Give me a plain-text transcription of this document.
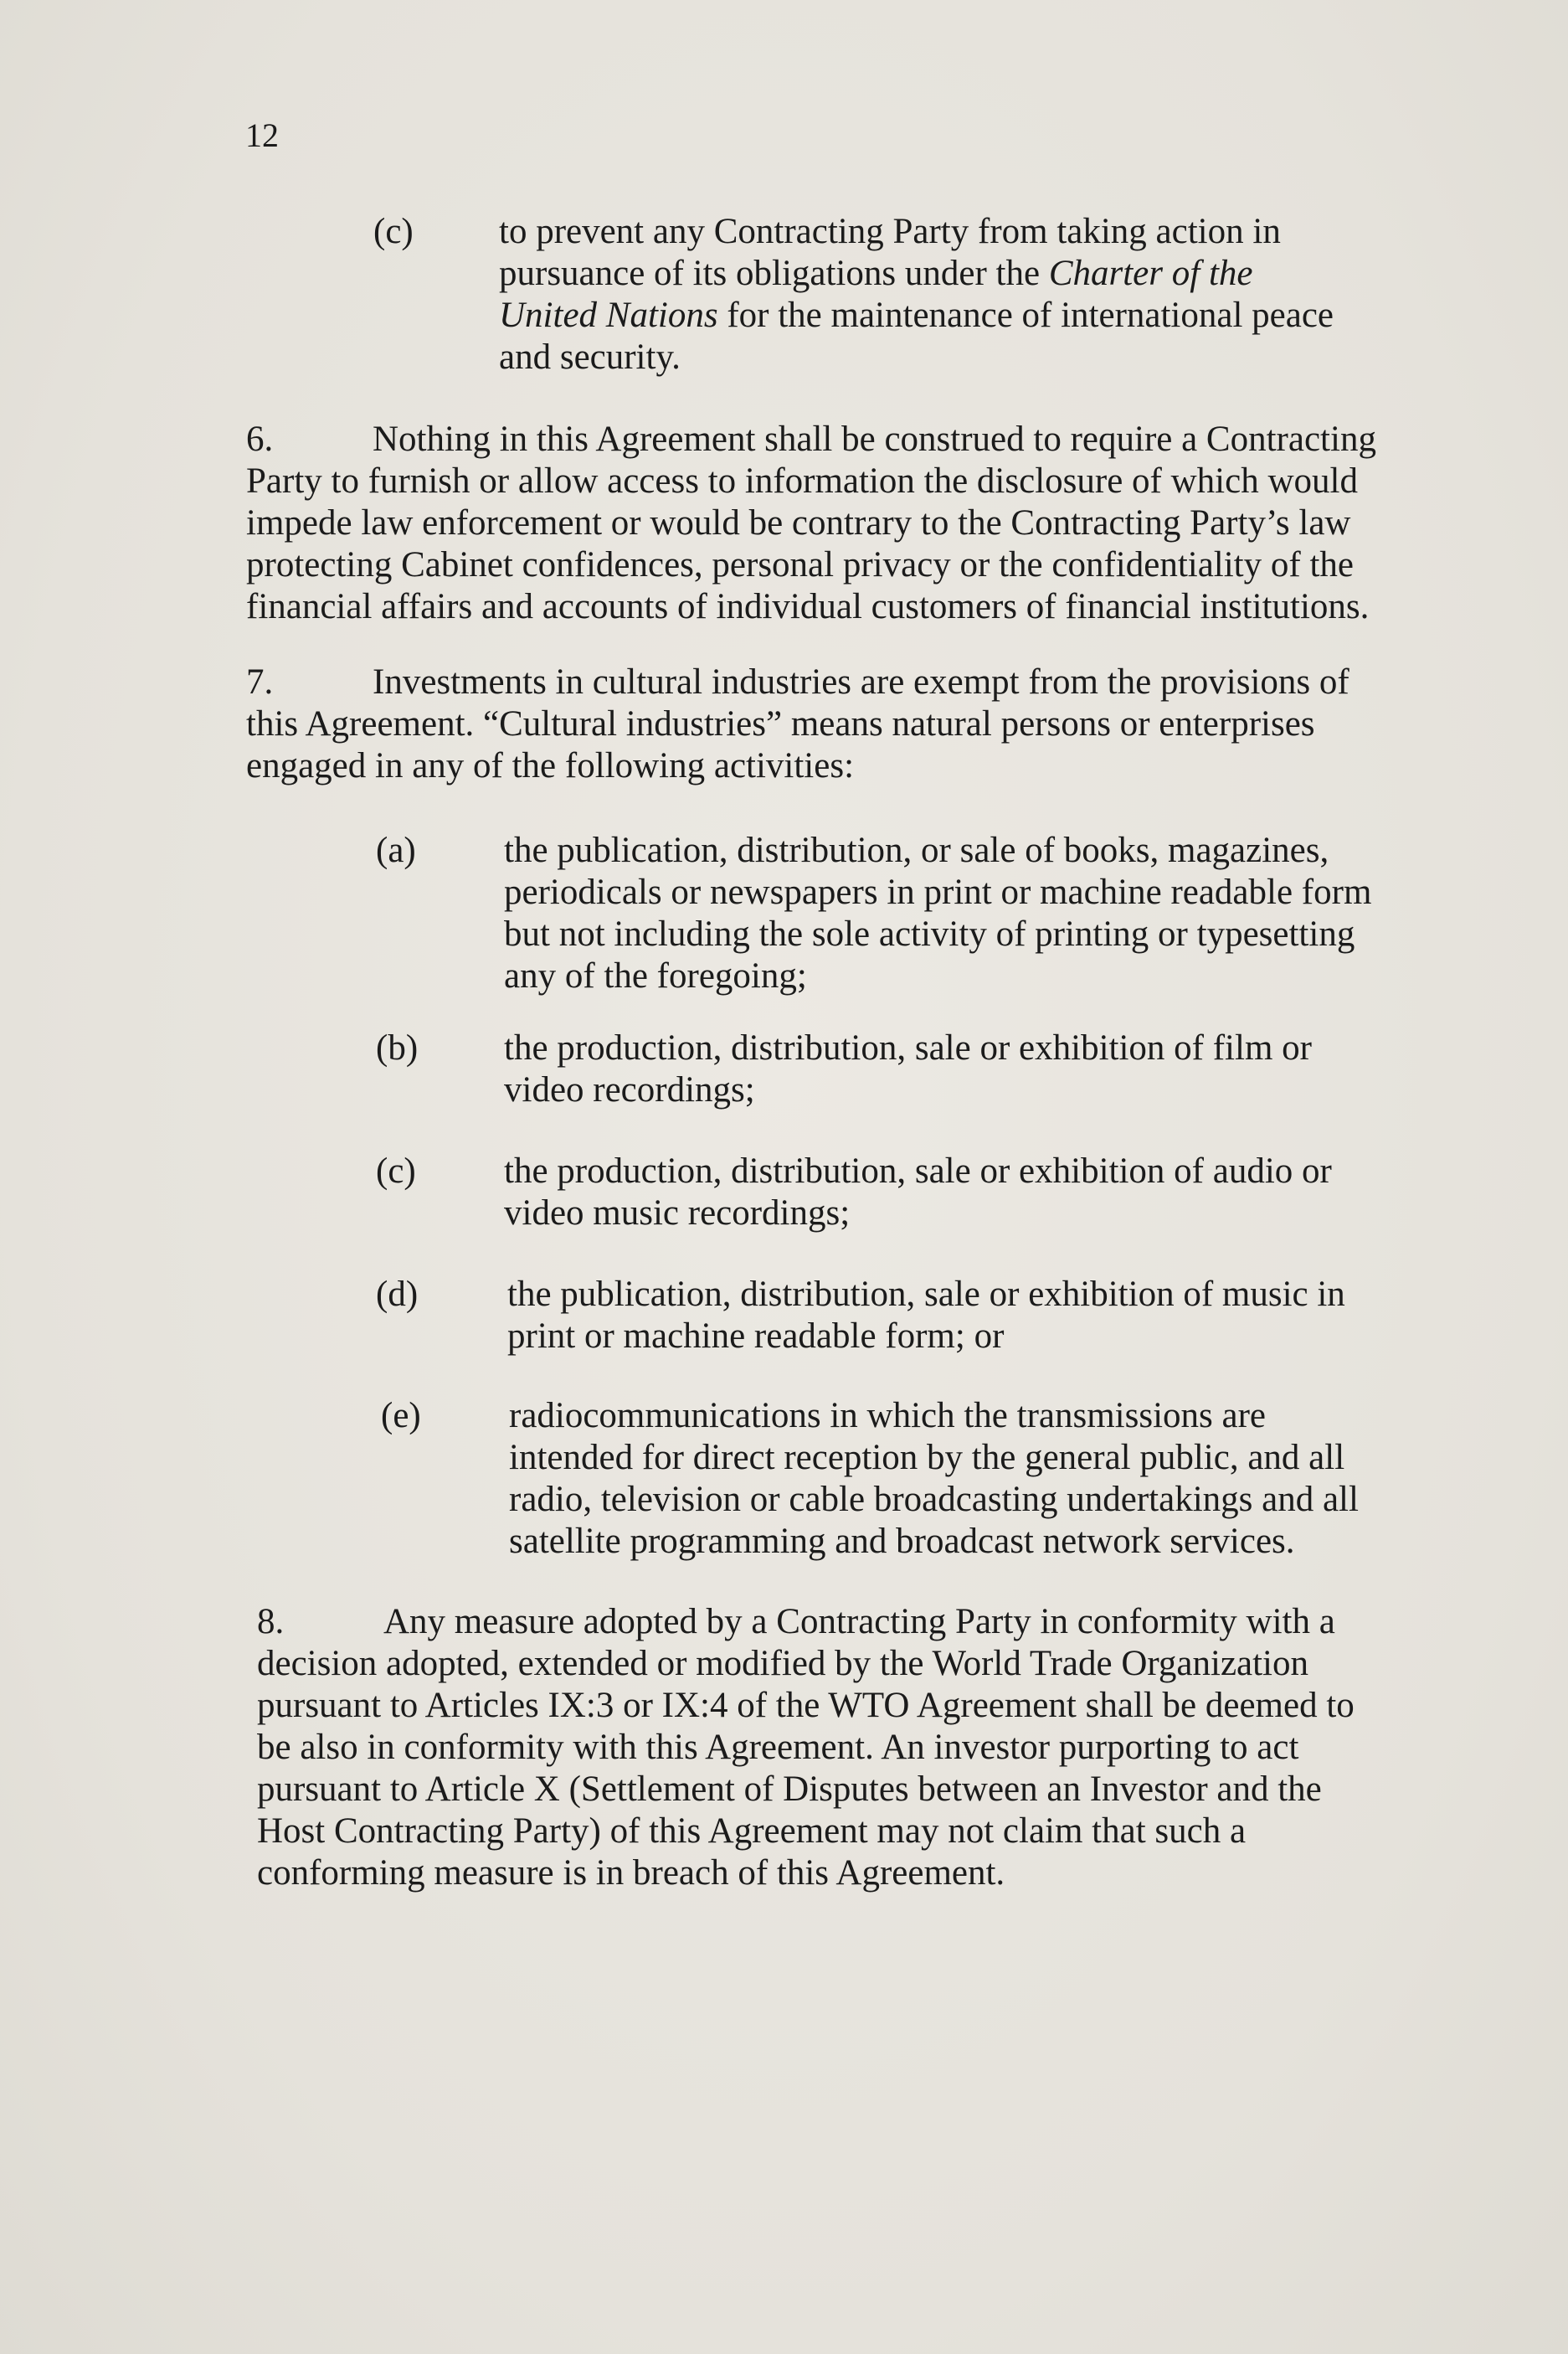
12
(c) to prevent any Contracting Party from taking action in pursuance of its obligations under the Charter of the United Nations for the maintenance of international peace and security.

6.	Nothing in this Agreement shall be construed to require a Contracting Party to furnish or allow access to information the disclosure of which would impede law enforcement or would be contrary to the Contracting Party’s law protecting Cabinet confidences, personal privacy or the confidentiality of the financial affairs and accounts of individual customers of financial institutions.

7.	Investments in cultural industries are exempt from the provisions of this Agreement. “Cultural industries” means natural persons or enterprises engaged in any of the following activities:

(a) the publication, distribution, or sale of books, magazines, periodicals or newspapers in print or machine readable form but not including the sole activity of printing or typesetting any of the foregoing;
(b) the production, distribution, sale or exhibition of film or video recordings;
(c) the production, distribution, sale or exhibition of audio or video music recordings;
(d) the publication, distribution, sale or exhibition of music in print or machine readable form; or
(e) radiocommunications in which the transmissions are intended for direct reception by the general public, and all radio, television or cable broadcasting undertakings and all satellite programming and broadcast network services.

8.	Any measure adopted by a Contracting Party in conformity with a decision adopted, extended or modified by the World Trade Organization pursuant to Articles IX:3 or IX:4 of the WTO Agreement shall be deemed to be also in conformity with this Agreement. An investor purporting to act pursuant to Article X (Settlement of Disputes between an Investor and the Host Contracting Party) of this Agreement may not claim that such a conforming measure is in breach of this Agreement.
